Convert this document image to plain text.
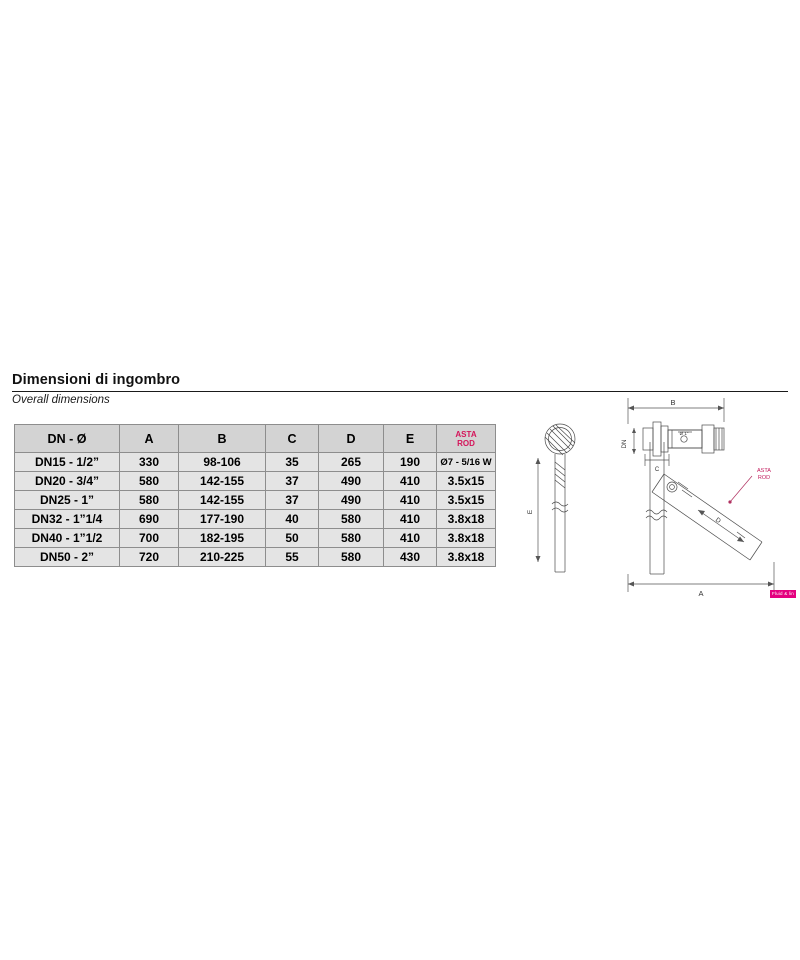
Dimensioni di ingombro
Overall dimensions
DN - Ø	A	B	C	D	E	ASTA
ROD
DN15 - 1/2”	330	98-106	35	265	190	Ø7 - 5/16 W
DN20 - 3/4”	580	142-155	37	490	410	3.5x15
DN25 - 1”	580	142-155	37	490	410	3.5x15
DN32 - 1”1/4	690	177-190	40	580	410	3.8x18
DN40 - 1”1/2	700	182-195	50	580	410	3.8x18
DN50 - 2”	720	210-225	55	580	430	3.8x18
B
A
C
D
E
DN
Ø 1”
ASTA
ROD
Fluid & lin
